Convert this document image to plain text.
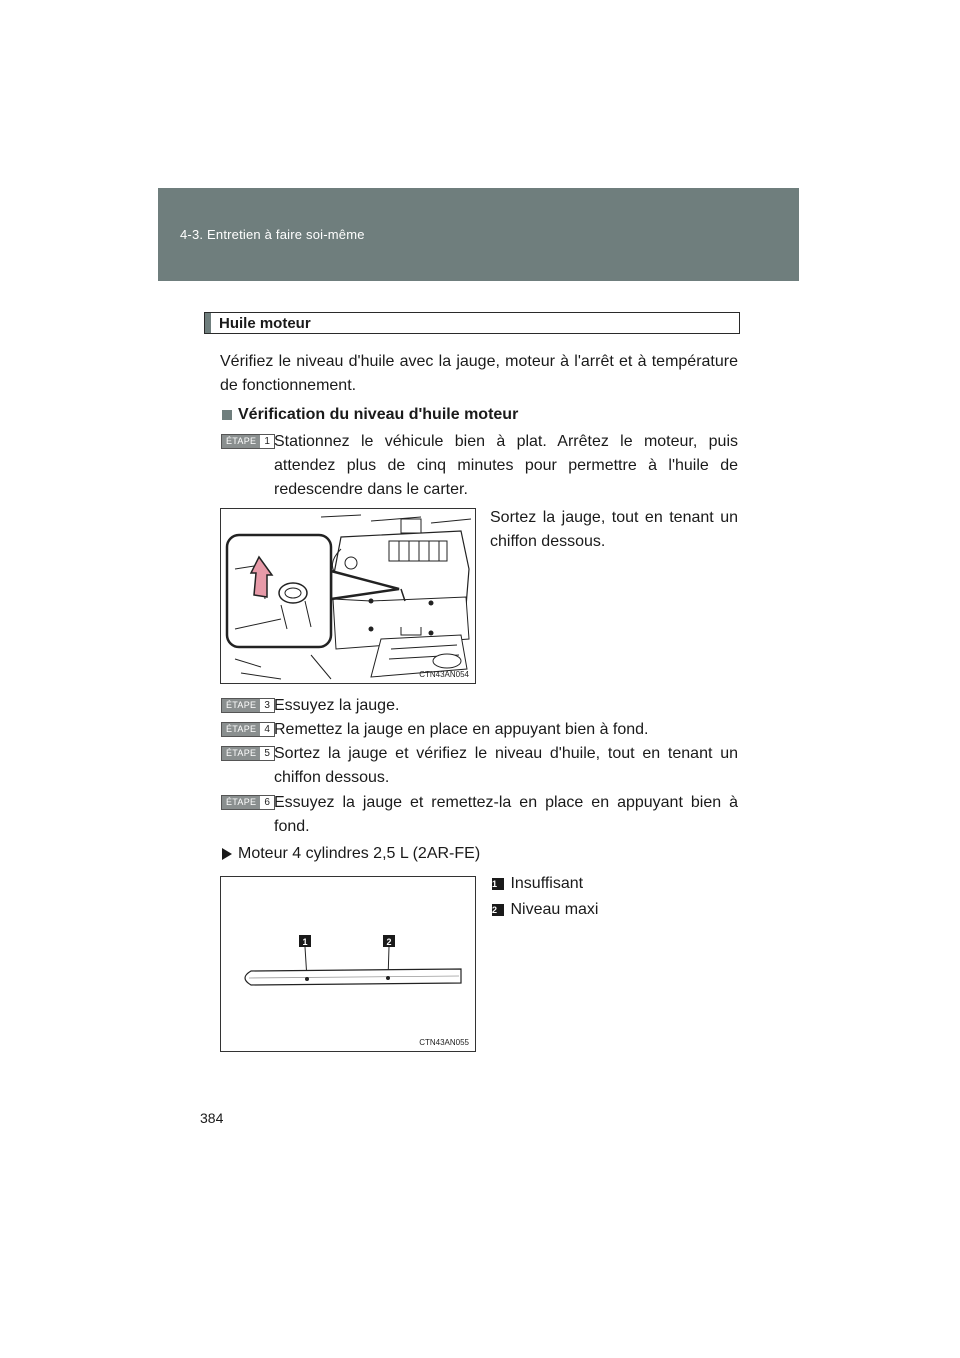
4-3. Entretien à faire soi-même
Huile moteur
Vérifiez le niveau d'huile avec la jauge, moteur à l'arrêt et à température de fonctionnement.
Vérification du niveau d'huile moteur
ÉTAPE 1 Stationnez le véhicule bien à plat. Arrêtez le moteur, puis attendez plus de cinq minutes pour permettre à l'huile de redescendre dans le carter.
CTN43AN054
Sortez la jauge, tout en tenant un chiffon dessous.
ÉTAPE 3 Essuyez la jauge.
ÉTAPE 4 Remettez la jauge en place en appuyant bien à fond.
ÉTAPE 5 Sortez la jauge et vérifiez le niveau d'huile, tout en tenant un chiffon dessous.
ÉTAPE 6 Essuyez la jauge et remettez-la en place en appuyant bien à fond.
Moteur 4 cylindres 2,5 L (2AR-FE)
1	2
CTN43AN055
1 Insuffisant
2 Niveau maxi
384
